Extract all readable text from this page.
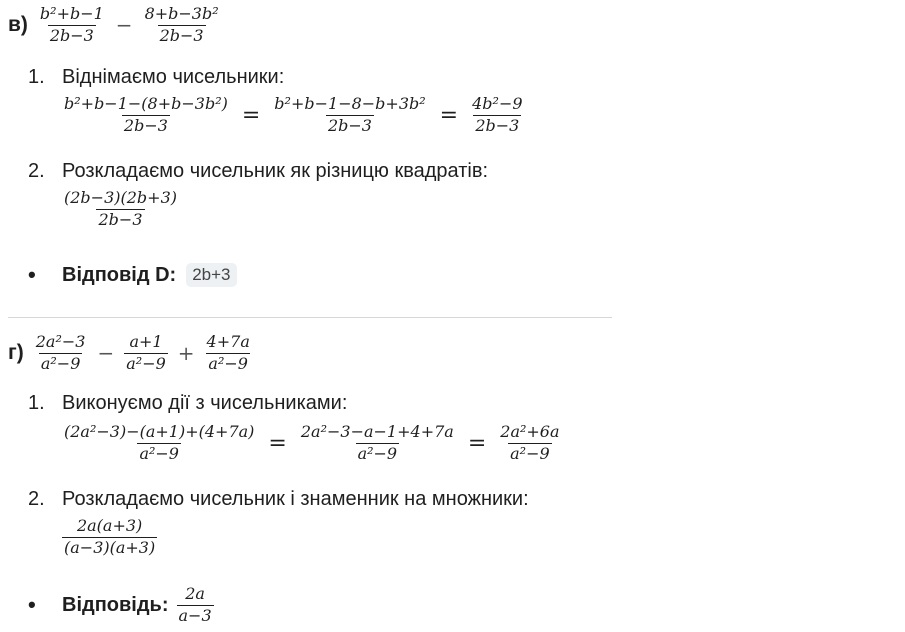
$в) \frac{\text{b²+b−1}}{2b-3} - \frac{\text{8+b−3b²}}{2b-3}$
1. Віднімаємо чисельники:
$\frac{\text{b²+b−1−(8+b−3b²)}}{2b-3} = \frac{\text{b²+b−1−8−b+3b²}}{2b-3} = \frac{\text{4b²−9}}{2b-3}$
2. Розкладаємо чисельник як різницю квадратів:
$\frac{(2b-3)(2b+3)}{2b-3}$
•	Відповід D: 2b+3
$г) \frac{\text{2a²−3}}{\text{a²−9}} - \frac{a+1}{\text{a²−9}} + \frac{4+7a}{\text{a²−9}}$
1. Виконуємо дії з чисельниками:
$\frac{\text{(2a²−3)−(a+1)+(4+7a)}}{\text{a²−9}} = \frac{\text{2a²−3−a−1+4+7a}}{\text{a²−9}} = \frac{\text{2a²+6a}}{\text{a²−9}}$
2. Розкладаємо чисельник і знаменник на множники:
$\frac{2a(a+3)}{(a-3)(a+3)}$
•	Відповідь: $\frac{2a}{a-3}$
